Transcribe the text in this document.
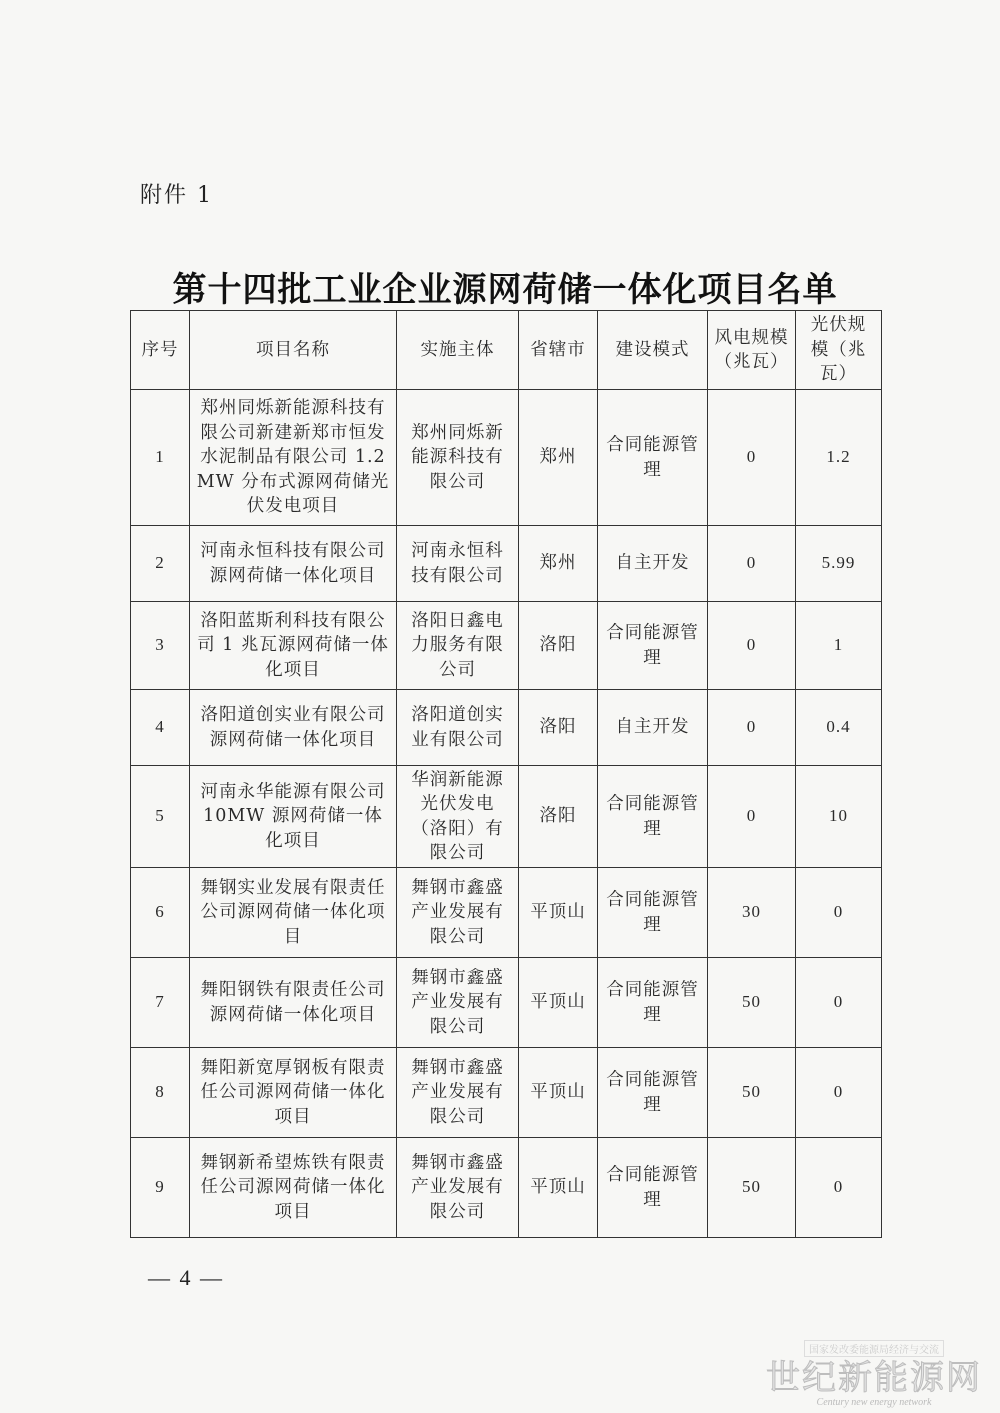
附件 1
第十四批工业企业源网荷储一体化项目名单
序号	项目名称	实施主体	省辖市	建设模式	风电规模（兆瓦）	光伏规模（兆瓦）
1	郑州同烁新能源科技有限公司新建新郑市恒发水泥制品有限公司 1.2MW 分布式源网荷储光伏发电项目	郑州同烁新能源科技有限公司	郑州	合同能源管理	0	1.2
2	河南永恒科技有限公司源网荷储一体化项目	河南永恒科技有限公司	郑州	自主开发	0	5.99
3	洛阳蓝斯利科技有限公司 1 兆瓦源网荷储一体化项目	洛阳日鑫电力服务有限公司	洛阳	合同能源管理	0	1
4	洛阳道创实业有限公司源网荷储一体化项目	洛阳道创实业有限公司	洛阳	自主开发	0	0.4
5	河南永华能源有限公司 10MW 源网荷储一体化项目	华润新能源光伏发电（洛阳）有限公司	洛阳	合同能源管理	0	10
6	舞钢实业发展有限责任公司源网荷储一体化项目	舞钢市鑫盛产业发展有限公司	平顶山	合同能源管理	30	0
7	舞阳钢铁有限责任公司源网荷储一体化项目	舞钢市鑫盛产业发展有限公司	平顶山	合同能源管理	50	0
8	舞阳新宽厚钢板有限责任公司源网荷储一体化项目	舞钢市鑫盛产业发展有限公司	平顶山	合同能源管理	50	0
9	舞钢新希望炼铁有限责任公司源网荷储一体化项目	舞钢市鑫盛产业发展有限公司	平顶山	合同能源管理	50	0
— 4 —
国家发改委能源局经济与交流
世纪新能源网
Century new energy network
